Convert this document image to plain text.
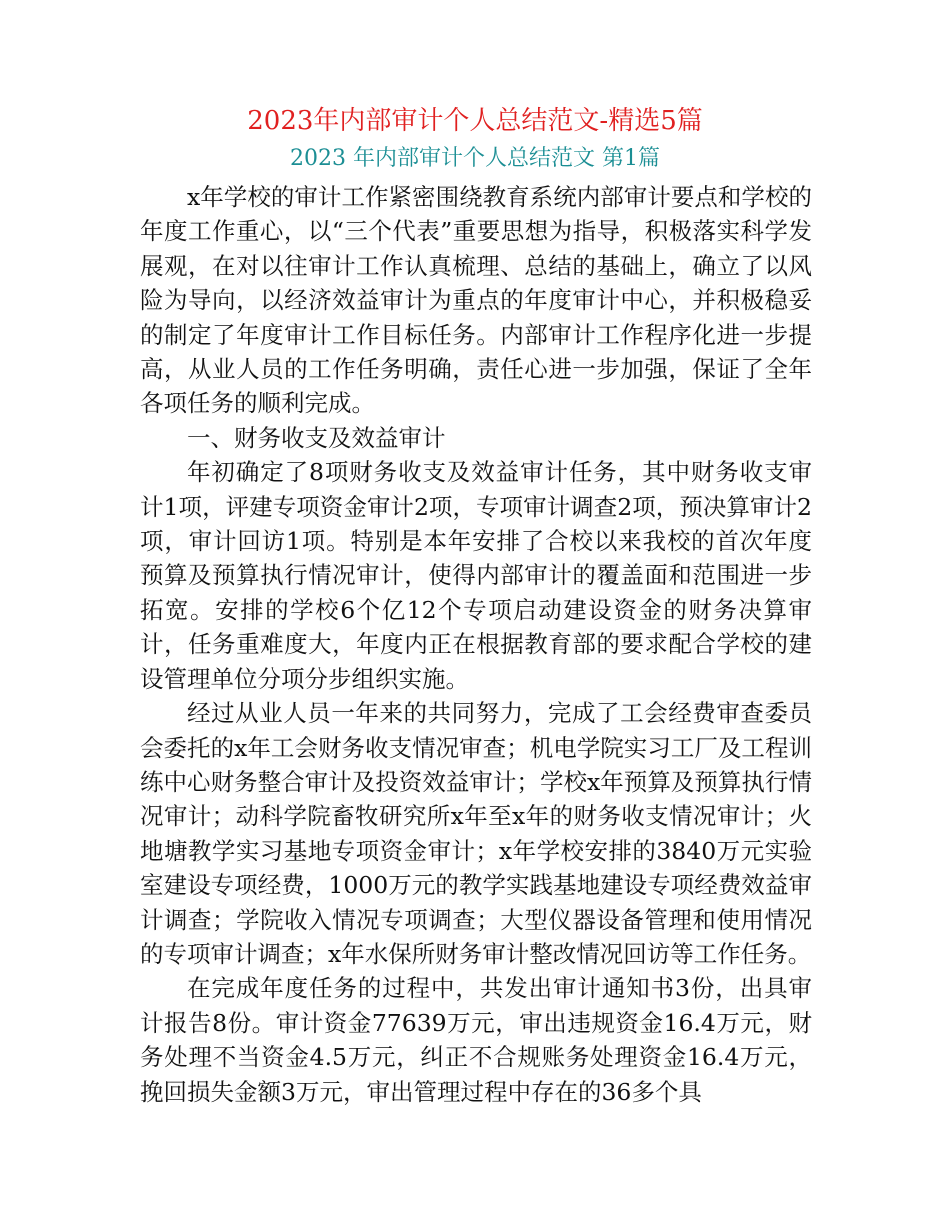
2023年内部审计个人总结范文-精选5篇
2023 年内部审计个人总结范文 第1篇

x年学校的审计工作紧密围绕教育系统内部审计要点和学校的年度工作重心，以“三个代表”重要思想为指导，积极落实科学发展观，在对以往审计工作认真梳理、总结的基础上，确立了以风险为导向，以经济效益审计为重点的年度审计中心，并积极稳妥的制定了年度审计工作目标任务。内部审计工作程序化进一步提高，从业人员的工作任务明确，责任心进一步加强，保证了全年各项任务的顺利完成。

一、财务收支及效益审计

年初确定了8项财务收支及效益审计任务，其中财务收支审计1项，评建专项资金审计2项，专项审计调查2项，预决算审计2项，审计回访1项。特别是本年安排了合校以来我校的首次年度预算及预算执行情况审计，使得内部审计的覆盖面和范围进一步拓宽。安排的学校6个亿12个专项启动建设资金的财务决算审计，任务重难度大，年度内正在根据教育部的要求配合学校的建设管理单位分项分步组织实施。

经过从业人员一年来的共同努力，完成了工会经费审查委员会委托的x年工会财务收支情况审查；机电学院实习工厂及工程训练中心财务整合审计及投资效益审计；学校x年预算及预算执行情况审计；动科学院畜牧研究所x年至x年的财务收支情况审计；火地塘教学实习基地专项资金审计；x年学校安排的3840万元实验室建设专项经费，1000万元的教学实践基地建设专项经费效益审计调查；学院收入情况专项调查；大型仪器设备管理和使用情况的专项审计调查；x年水保所财务审计整改情况回访等工作任务。

在完成年度任务的过程中，共发出审计通知书3份，出具审计报告8份。审计资金77639万元，审出违规资金16.4万元，财务处理不当资金4.5万元，纠正不合规账务处理资金16.4万元，挽回损失金额3万元，审出管理过程中存在的36多个具
